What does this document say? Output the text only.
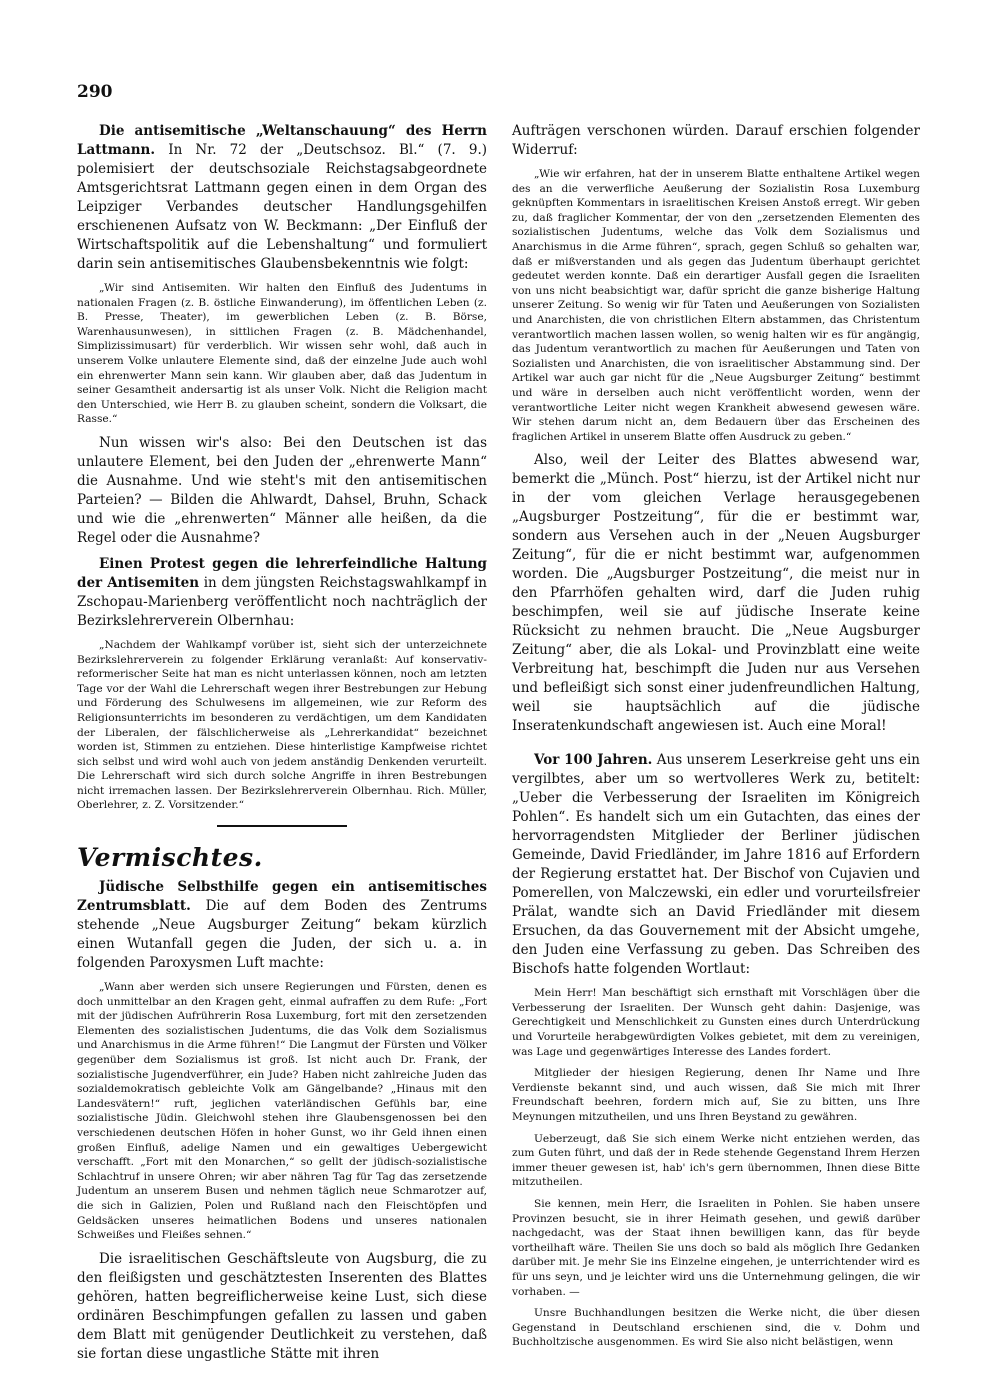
290

Die antisemitische „Weltanschauung“ des Herrn Lattmann. In Nr. 72 der „Deutschsoz. Bl.“ (7. 9.) polemisiert der deutschsoziale Reichstagsabgeordnete Amtsgerichtsrat Lattmann gegen einen in dem Organ des Leipziger Verbandes deutscher Handlungsgehilfen erschienenen Aufsatz von W. Beckmann: „Der Einfluß der Wirtschaftspolitik auf die Lebenshaltung“ und formuliert darin sein antisemitisches Glaubensbekenntnis wie folgt:

„Wir sind Antisemiten. Wir halten den Einfluß des Judentums in nationalen Fragen (z. B. östliche Einwanderung), im öffentlichen Leben (z. B. Presse, Theater), im gewerblichen Leben (z. B. Börse, Warenhausunwesen), in sittlichen Fragen (z. B. Mädchenhandel, Simplizissimusart) für verderblich. Wir wissen sehr wohl, daß auch in unserem Volke unlautere Elemente sind, daß der einzelne Jude auch wohl ein ehrenwerter Mann sein kann. Wir glauben aber, daß das Judentum in seiner Gesamtheit andersartig ist als unser Volk. Nicht die Religion macht den Unterschied, wie Herr B. zu glauben scheint, sondern die Volksart, die Rasse.“

Nun wissen wir's also: Bei den Deutschen ist das unlautere Element, bei den Juden der „ehrenwerte Mann“ die Ausnahme. Und wie steht's mit den antisemitischen Parteien? — Bilden die Ahlwardt, Dahsel, Bruhn, Schack und wie die „ehrenwerten“ Männer alle heißen, da die Regel oder die Ausnahme?

Einen Protest gegen die lehrerfeindliche Haltung der Antisemiten in dem jüngsten Reichstagswahlkampf in Zschopau-Marienberg veröffentlicht noch nachträglich der Bezirkslehrerverein Olbernhau:

„Nachdem der Wahlkampf vorüber ist, sieht sich der unterzeichnete Bezirkslehrerverein zu folgender Erklärung veranlaßt: Auf konservativ-reformerischer Seite hat man es nicht unterlassen können, noch am letzten Tage vor der Wahl die Lehrerschaft wegen ihrer Bestrebungen zur Hebung und Förderung des Schulwesens im allgemeinen, wie zur Reform des Religionsunterrichts im besonderen zu verdächtigen, um dem Kandidaten der Liberalen, der fälschlicherweise als „Lehrerkandidat“ bezeichnet worden ist, Stimmen zu entziehen. Diese hinterlistige Kampfweise richtet sich selbst und wird wohl auch von jedem anständig Denkenden verurteilt. Die Lehrerschaft wird sich durch solche Angriffe in ihren Bestrebungen nicht irremachen lassen. Der Bezirkslehrerverein Olbernhau. Rich. Müller, Oberlehrer, z. Z. Vorsitzender.“

Vermischtes.

Jüdische Selbsthilfe gegen ein antisemitisches Zentrumsblatt. Die auf dem Boden des Zentrums stehende „Neue Augsburger Zeitung“ bekam kürzlich einen Wutanfall gegen die Juden, der sich u. a. in folgenden Paroxysmen Luft machte:

„Wann aber werden sich unsere Regierungen und Fürsten, denen es doch unmittelbar an den Kragen geht, einmal aufraffen zu dem Rufe: „Fort mit der jüdischen Aufrührerin Rosa Luxemburg, fort mit den zersetzenden Elementen des sozialistischen Judentums, die das Volk dem Sozialismus und Anarchismus in die Arme führen!“ Die Langmut der Fürsten und Völker gegenüber dem Sozialismus ist groß. Ist nicht auch Dr. Frank, der sozialistische Jugendverführer, ein Jude? Haben nicht zahlreiche Juden das sozialdemokratisch gebleichte Volk am Gängelbande? „Hinaus mit den Landesvätern!“ ruft, jeglichen vaterländischen Gefühls bar, eine sozialistische Jüdin. Gleichwohl stehen ihre Glaubensgenossen bei den verschiedenen deutschen Höfen in hoher Gunst, wo ihr Geld ihnen einen großen Einfluß, adelige Namen und ein gewaltiges Uebergewicht verschafft. „Fort mit den Monarchen,“ so gellt der jüdisch-sozialistische Schlachtruf in unsere Ohren; wir aber nähren Tag für Tag das zersetzende Judentum an unserem Busen und nehmen täglich neue Schmarotzer auf, die sich in Galizien, Polen und Rußland nach den Fleischtöpfen und Geldsäcken unseres heimatlichen Bodens und unseres nationalen Schweißes und Fleißes sehnen.“

Die israelitischen Geschäftsleute von Augsburg, die zu den fleißigsten und geschätztesten Inserenten des Blattes gehören, hatten begreiflicherweise keine Lust, sich diese ordinären Beschimpfungen gefallen zu lassen und gaben dem Blatt mit genügender Deutlichkeit zu verstehen, daß sie fortan diese ungastliche Stätte mit ihren

Aufträgen verschonen würden. Darauf erschien folgender Widerruf:

„Wie wir erfahren, hat der in unserem Blatte enthaltene Artikel wegen des an die verwerfliche Aeußerung der Sozialistin Rosa Luxemburg geknüpften Kommentars in israelitischen Kreisen Anstoß erregt. Wir geben zu, daß fraglicher Kommentar, der von den „zersetzenden Elementen des sozialistischen Judentums, welche das Volk dem Sozialismus und Anarchismus in die Arme führen“, sprach, gegen Schluß so gehalten war, daß er mißverstanden und als gegen das Judentum überhaupt gerichtet gedeutet werden konnte. Daß ein derartiger Ausfall gegen die Israeliten von uns nicht beabsichtigt war, dafür spricht die ganze bisherige Haltung unserer Zeitung. So wenig wir für Taten und Aeußerungen von Sozialisten und Anarchisten, die von christlichen Eltern abstammen, das Christentum verantwortlich machen lassen wollen, so wenig halten wir es für angängig, das Judentum verantwortlich zu machen für Aeußerungen und Taten von Sozialisten und Anarchisten, die von israelitischer Abstammung sind. Der Artikel war auch gar nicht für die „Neue Augsburger Zeitung“ bestimmt und wäre in derselben auch nicht veröffentlicht worden, wenn der verantwortliche Leiter nicht wegen Krankheit abwesend gewesen wäre. Wir stehen darum nicht an, dem Bedauern über das Erscheinen des fraglichen Artikel in unserem Blatte offen Ausdruck zu geben.“

Also, weil der Leiter des Blattes abwesend war, bemerkt die „Münch. Post“ hierzu, ist der Artikel nicht nur in der vom gleichen Verlage herausgegebenen „Augsburger Postzeitung“, für die er bestimmt war, sondern aus Versehen auch in der „Neuen Augsburger Zeitung“, für die er nicht bestimmt war, aufgenommen worden. Die „Augsburger Postzeitung“, die meist nur in den Pfarrhöfen gehalten wird, darf die Juden ruhig beschimpfen, weil sie auf jüdische Inserate keine Rücksicht zu nehmen braucht. Die „Neue Augsburger Zeitung“ aber, die als Lokal- und Provinzblatt eine weite Verbreitung hat, beschimpft die Juden nur aus Versehen und befleißigt sich sonst einer judenfreundlichen Haltung, weil sie hauptsächlich auf die jüdische Inseratenkundschaft angewiesen ist. Auch eine Moral!

Vor 100 Jahren. Aus unserem Leserkreise geht uns ein vergilbtes, aber um so wertvolleres Werk zu, betitelt: „Ueber die Verbesserung der Israeliten im Königreich Pohlen“. Es handelt sich um ein Gutachten, das eines der hervorragendsten Mitglieder der Berliner jüdischen Gemeinde, David Friedländer, im Jahre 1816 auf Erfordern der Regierung erstattet hat. Der Bischof von Cujavien und Pomerellen, von Malczewski, ein edler und vorurteilsfreier Prälat, wandte sich an David Friedländer mit diesem Ersuchen, da das Gouvernement mit der Absicht umgehe, den Juden eine Verfassung zu geben. Das Schreiben des Bischofs hatte folgenden Wortlaut:

Mein Herr! Man beschäftigt sich ernsthaft mit Vorschlägen über die Verbesserung der Israeliten. Der Wunsch geht dahin: Dasjenige, was Gerechtigkeit und Menschlichkeit zu Gunsten eines durch Unterdrückung und Vorurteile herabgewürdigten Volkes gebietet, mit dem zu vereinigen, was Lage und gegenwärtiges Interesse des Landes fordert.

Mitglieder der hiesigen Regierung, denen Ihr Name und Ihre Verdienste bekannt sind, und auch wissen, daß Sie mich mit Ihrer Freundschaft beehren, fordern mich auf, Sie zu bitten, uns Ihre Meynungen mitzutheilen, und uns Ihren Beystand zu gewähren.

Ueberzeugt, daß Sie sich einem Werke nicht entziehen werden, das zum Guten führt, und daß der in Rede stehende Gegenstand Ihrem Herzen immer theuer gewesen ist, hab' ich's gern übernommen, Ihnen diese Bitte mitzutheilen.

Sie kennen, mein Herr, die Israeliten in Pohlen. Sie haben unsere Provinzen besucht, sie in ihrer Heimath gesehen, und gewiß darüber nachgedacht, was der Staat ihnen bewilligen kann, das für beyde vortheilhaft wäre. Theilen Sie uns doch so bald als möglich Ihre Gedanken darüber mit. Je mehr Sie ins Einzelne eingehen, je unterrichtender wird es für uns seyn, und je leichter wird uns die Unternehmung gelingen, die wir vorhaben. —

Unsre Buchhandlungen besitzen die Werke nicht, die über diesen Gegenstand in Deutschland erschienen sind, die v. Dohm und Buchholtzische ausgenommen. Es wird Sie also nicht belästigen, wenn
